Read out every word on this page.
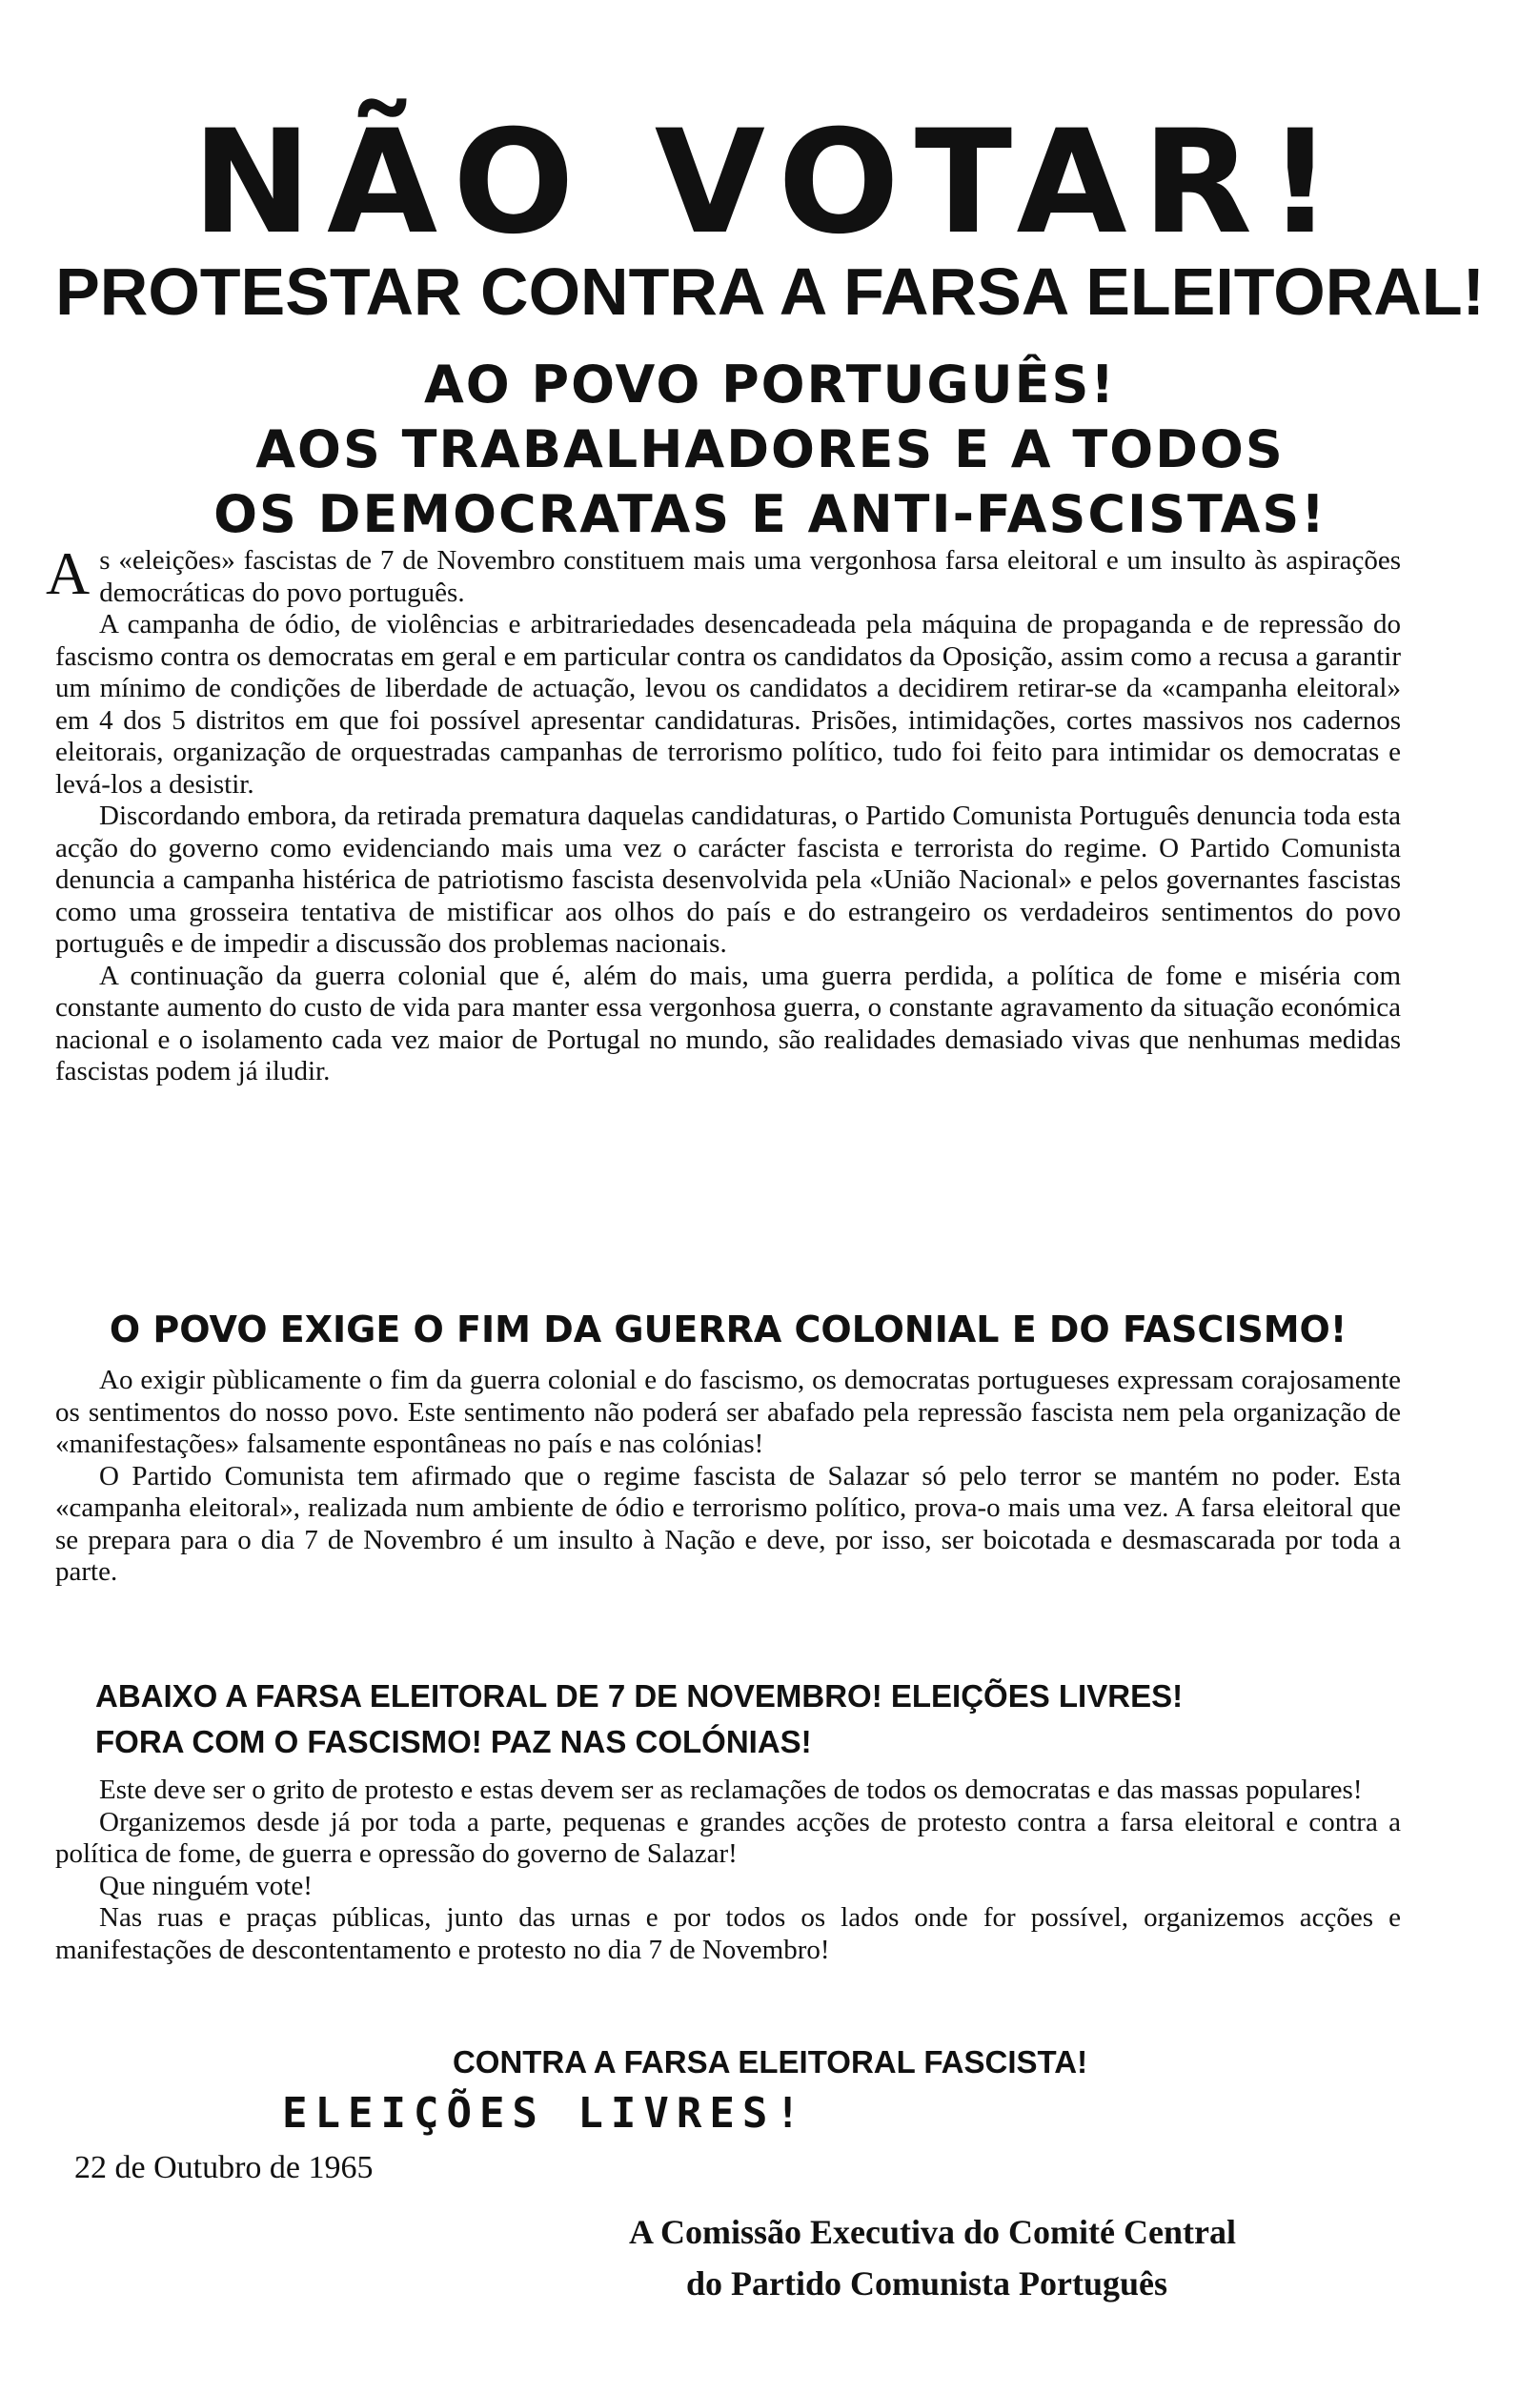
NÃO VOTAR!
PROTESTAR CONTRA A FARSA ELEITORAL!
AO POVO PORTUGUÊS!
AOS TRABALHADORES E A TODOS
OS DEMOCRATAS E ANTI-FASCISTAS!

As «eleições» fascistas de 7 de Novembro constituem mais uma vergonhosa farsa eleitoral e um insulto às aspirações democráticas do povo português.

A campanha de ódio, de violências e arbitrariedades desencadeada pela máquina de propaganda e de repressão do fascismo contra os democratas em geral e em particular contra os candidatos da Oposição, assim como a recusa a garantir um mínimo de condições de liberdade de actuação, levou os candidatos a decidirem retirar-se da «campanha eleitoral» em 4 dos 5 distritos em que foi possível apresentar candidaturas. Prisões, intimidações, cortes massivos nos cadernos eleitorais, organização de orquestradas campanhas de terrorismo político, tudo foi feito para intimidar os democratas e levá-los a desistir.

Discordando embora, da retirada prematura daquelas candidaturas, o Partido Comunista Português denuncia toda esta acção do governo como evidenciando mais uma vez o carácter fascista e terrorista do regime. O Partido Comunista denuncia a campanha histérica de patriotismo fascista desenvolvida pela «União Nacional» e pelos governantes fascistas como uma grosseira tentativa de mistificar aos olhos do país e do estrangeiro os verdadeiros sentimentos do povo português e de impedir a discussão dos problemas nacionais.

A continuação da guerra colonial que é, além do mais, uma guerra perdida, a política de fome e miséria com constante aumento do custo de vida para manter essa vergonhosa guerra, o constante agravamento da situação económica nacional e o isolamento cada vez maior de Portugal no mundo, são realidades demasiado vivas que nenhumas medidas fascistas podem já iludir.

O POVO EXIGE O FIM DA GUERRA COLONIAL E DO FASCISMO!

Ao exigir pùblicamente o fim da guerra colonial e do fascismo, os democratas portugueses expressam corajosamente os sentimentos do nosso povo. Este sentimento não poderá ser abafado pela repressão fascista nem pela organização de «manifestações» falsamente espontâneas no país e nas colónias!

O Partido Comunista tem afirmado que o regime fascista de Salazar só pelo terror se mantém no poder. Esta «campanha eleitoral», realizada num ambiente de ódio e terrorismo político, prova-o mais uma vez. A farsa eleitoral que se prepara para o dia 7 de Novembro é um insulto à Nação e deve, por isso, ser boicotada e desmascarada por toda a parte.

ABAIXO A FARSA ELEITORAL DE 7 DE NOVEMBRO! ELEIÇÕES LIVRES!

FORA COM O FASCISMO! PAZ NAS COLÓNIAS!

Este deve ser o grito de protesto e estas devem ser as reclamações de todos os democratas e das massas populares!

Organizemos desde já por toda a parte, pequenas e grandes acções de protesto contra a farsa eleitoral e contra a política de fome, de guerra e opressão do governo de Salazar!

Que ninguém vote!

Nas ruas e praças públicas, junto das urnas e por todos os lados onde for possível, organizemos acções e manifestações de descontentamento e protesto no dia 7 de Novembro!

CONTRA A FARSA ELEITORAL FASCISTA!

ELEIÇÕES LIVRES!

22 de Outubro de 1965

A Comissão Executiva do Comité Central

do Partido Comunista Português
